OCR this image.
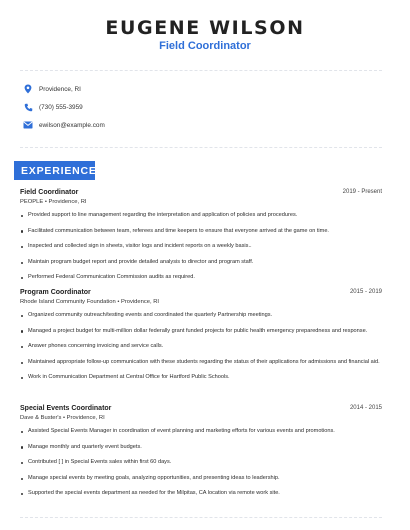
EUGENE WILSON
Field Coordinator
Providence, RI
(730) 555-3959
ewilson@example.com
EXPERIENCE
Field Coordinator	2019 - Present
PEOPLE • Providence, RI
Provided support to line management regarding the interpretation and application of policies and procedures.
Facilitated communication between team, referees and time keepers to ensure that everyone arrived at the game on time.
Inspected and collected sign in sheets, visitor logs and incident reports on a weekly basis..
Maintain program budget report and provide detailed analysis to director and program staff.
Performed Federal Communication Commission audits as required.
Program Coordinator	2015 - 2019
Rhode Island Community Foundation • Providence, RI
Organized community outreach/testing events and coordinated the quarterly Partnership meetings.
Managed a project budget for multi-million dollar federally grant funded projects for public health emergency preparedness and response.
Answer phones concerning invoicing and service calls.
Maintained appropriate follow-up communication with these students regarding the status of their applications for admissions and financial aid.
Work in Communication Department at Central Office for Hartford Public Schools.
Special Events Coordinator	2014 - 2015
Dave & Buster's • Providence, RI
Assisted Special Events Manager in coordination of event planning and marketing efforts for various events and promotions.
Manage monthly and quarterly event budgets.
Contributed [ ] in Special Events sales within first 60 days.
Manage special events by meeting goals, analyzing opportunities, and presenting ideas to leadership.
Supported the special events department as needed for the Milpitas, CA location via remote work site.
